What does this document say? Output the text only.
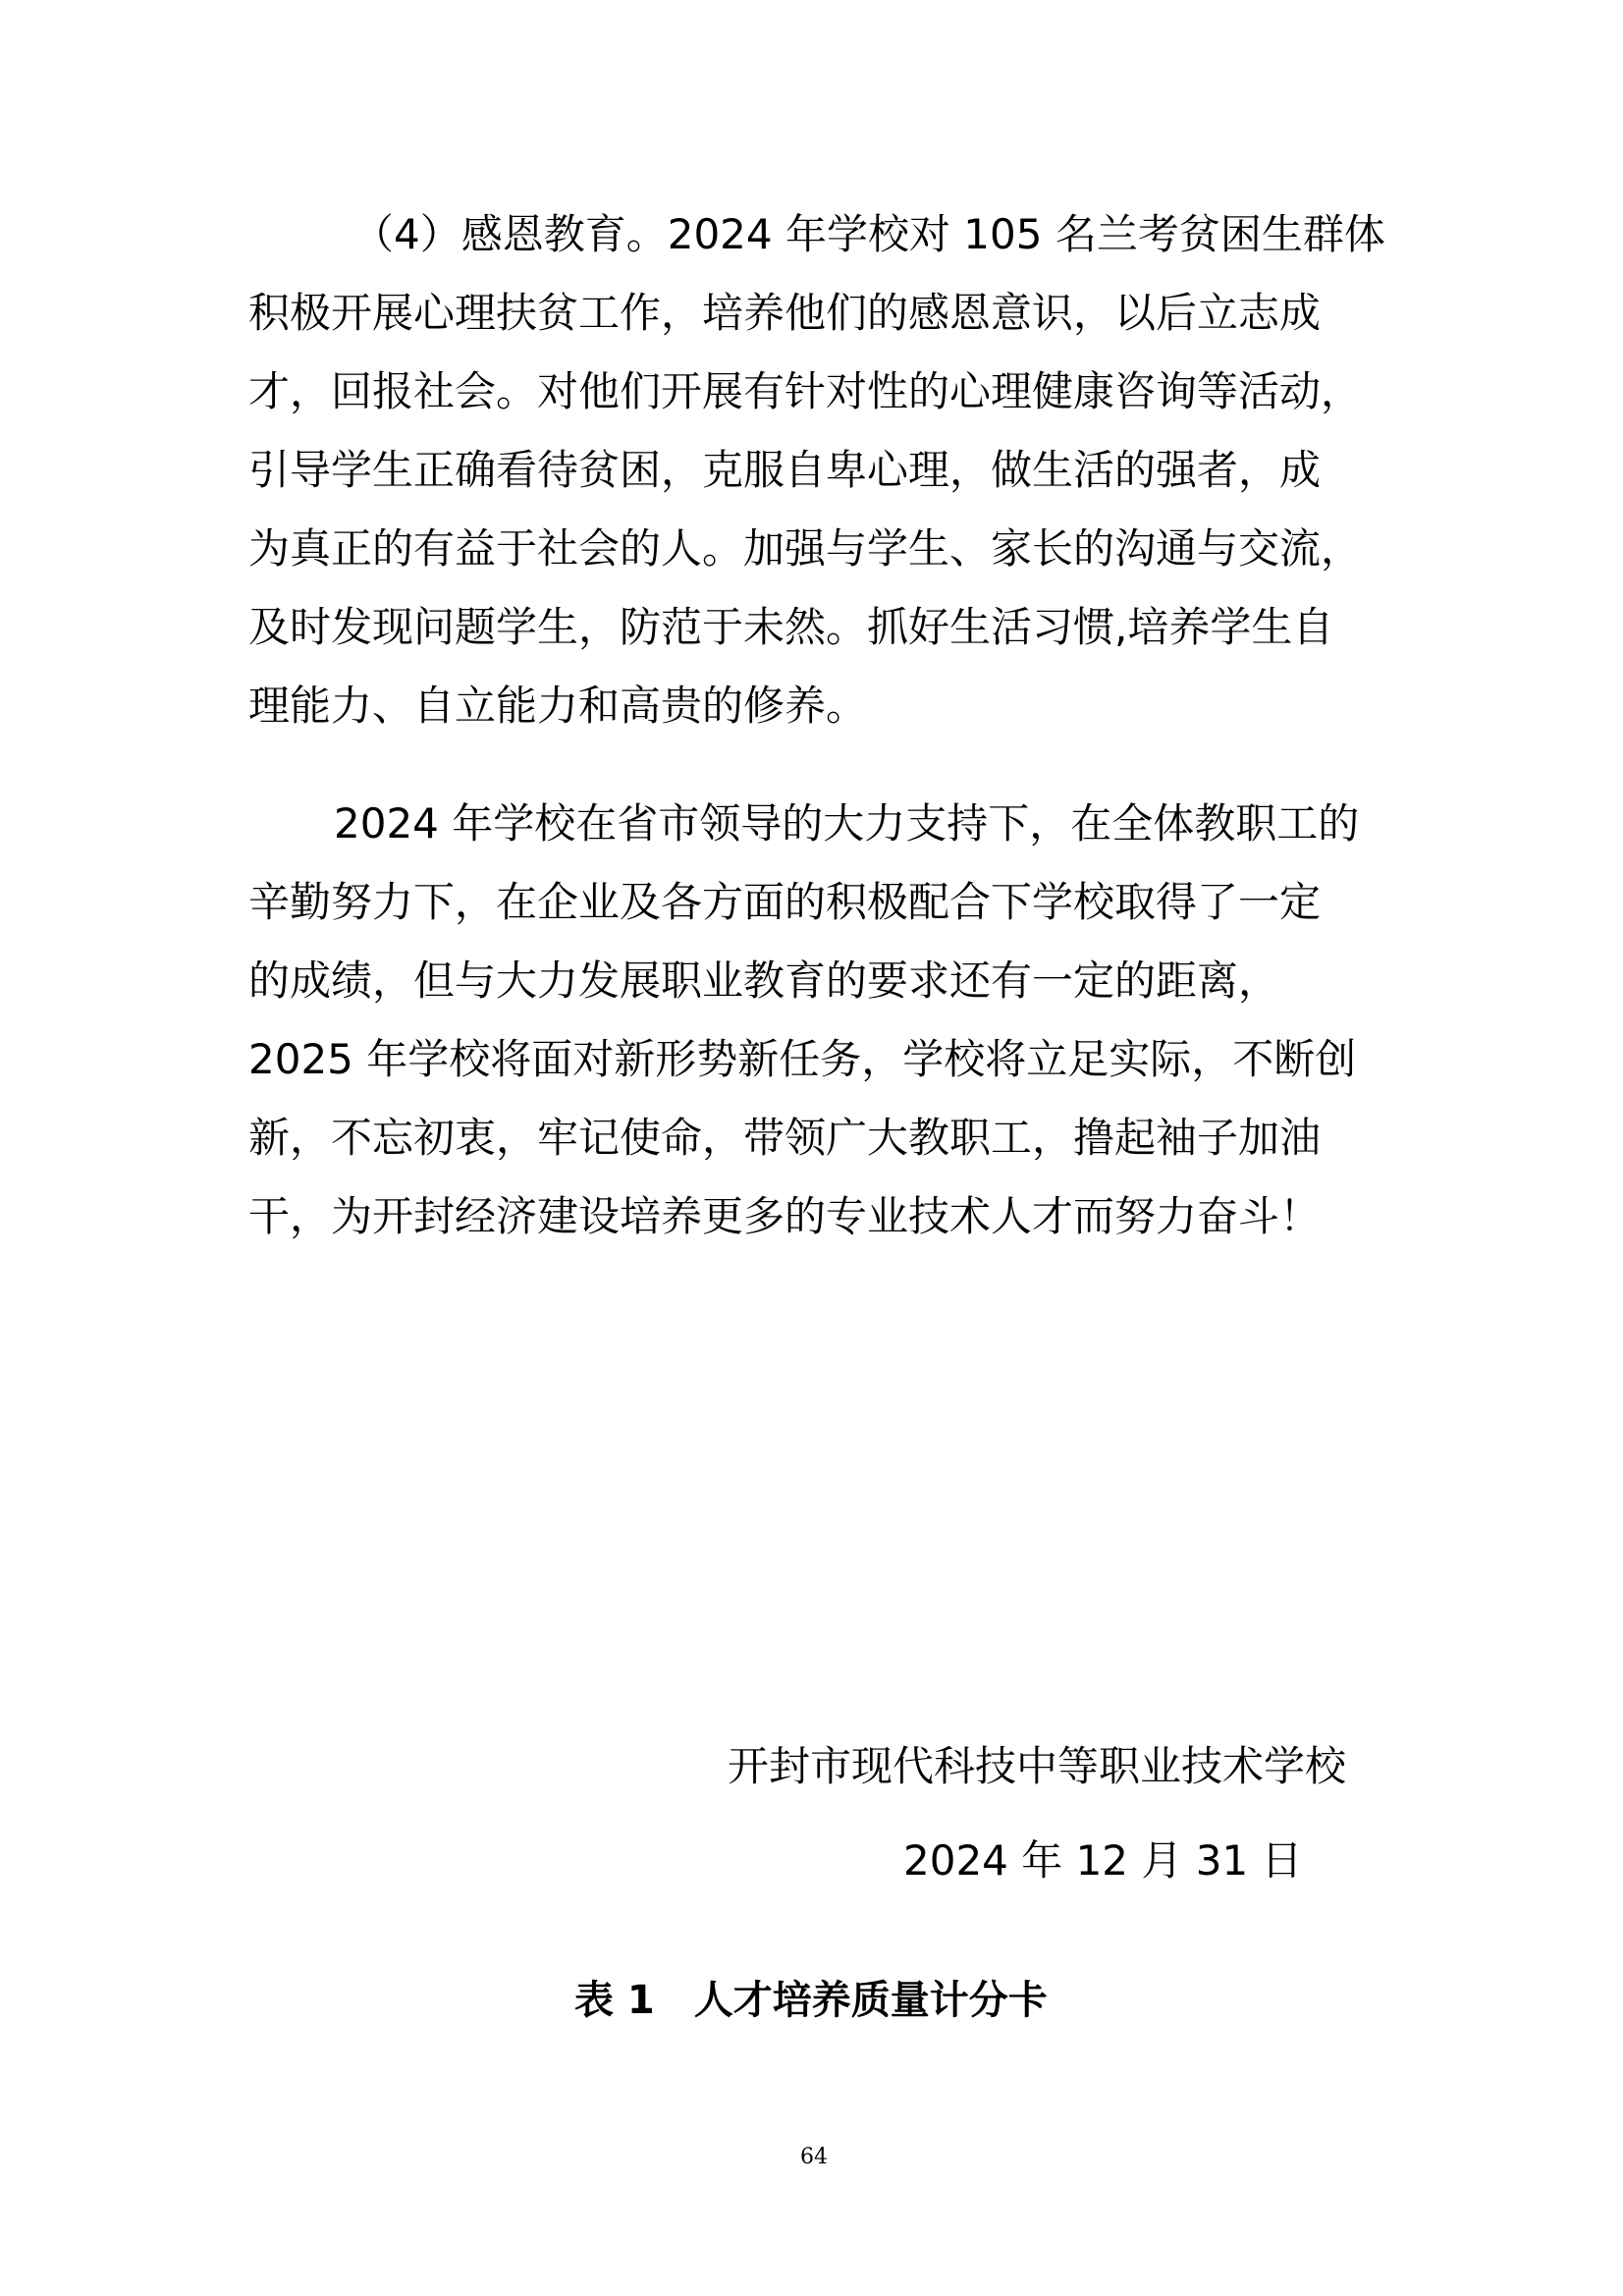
（4）感恩教育。2024 年学校对 105 名兰考贫困生群体
积极开展心理扶贫工作，培养他们的感恩意识，以后立志成
才，回报社会。对他们开展有针对性的心理健康咨询等活动，
引导学生正确看待贫困，克服自卑心理，做生活的强者，成
为真正的有益于社会的人。加强与学生、家长的沟通与交流，
及时发现问题学生，防范于未然。抓好生活习惯,培养学生自
理能力、自立能力和高贵的修养。
2024 年学校在省市领导的大力支持下，在全体教职工的
辛勤努力下，在企业及各方面的积极配合下学校取得了一定
的成绩，但与大力发展职业教育的要求还有一定的距离，
2025 年学校将面对新形势新任务，学校将立足实际，不断创
新，不忘初衷，牢记使命，带领广大教职工，撸起袖子加油
干，为开封经济建设培养更多的专业技术人才而努力奋斗！
开封市现代科技中等职业技术学校
2024 年 12 月 31 日
表 1　人才培养质量计分卡
64
